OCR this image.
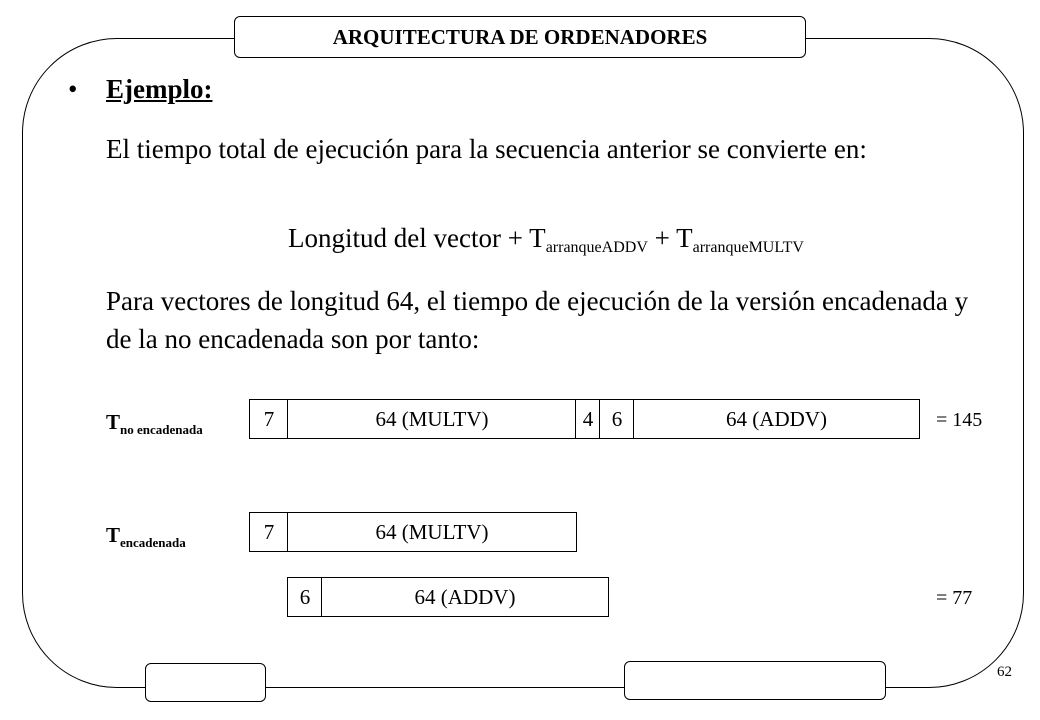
ARQUITECTURA DE ORDENADORES
62
•	Ejemplo:
El tiempo total de ejecución para la secuencia anterior se convierte en:
Longitud del vector + $T_{arranqueADDV} + T_{arranqueMULTV}$
Para vectores de longitud 64, el tiempo de ejecución de la versión encadenada y de la no encadenada son por tanto:
$T_{no encadenada}$	7	64 (MULTV)	4 6	64 (ADDV)	= 145
$T_{encadenada}$	7	64 (MULTV)
6	64 (ADDV)	= 77
